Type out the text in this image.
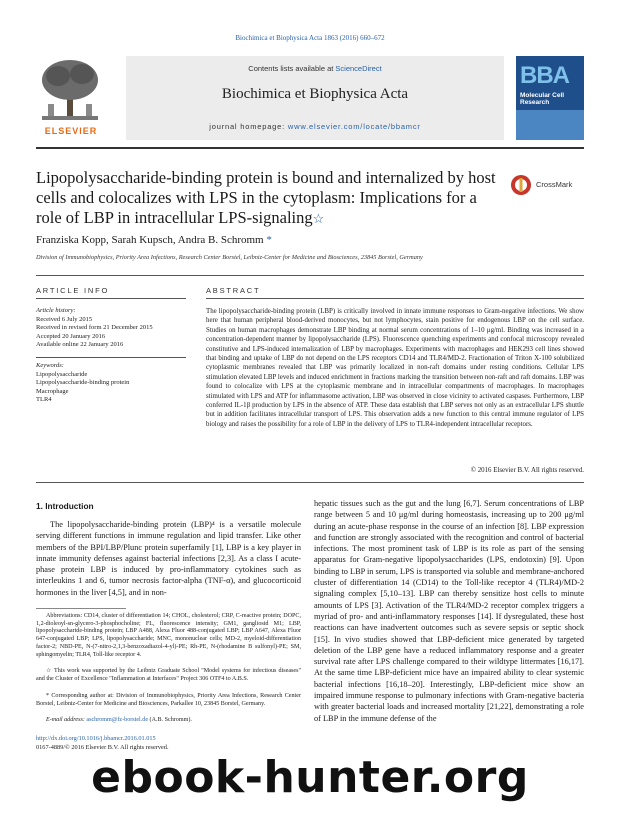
Biochimica et Biophysica Acta 1863 (2016) 660–672
ELSEVIER
Contents lists available at ScienceDirect
Biochimica et Biophysica Acta
journal homepage: www.elsevier.com/locate/bbamcr
BBA
Molecular Cell Research
Lipopolysaccharide-binding protein is bound and internalized by host cells and colocalizes with LPS in the cytoplasm: Implications for a role of LBP in intracellular LPS-signaling☆
CrossMark
Franziska Kopp, Sarah Kupsch, Andra B. Schromm *
Division of Immunobiophysics, Priority Area Infections, Research Center Borstel, Leibniz-Center for Medicine and Biosciences, 23845 Borstel, Germany
ARTICLE INFO	ABSTRACT
Article history:
Received 6 July 2015
Received in revised form 21 December 2015
Accepted 20 January 2016
Available online 22 January 2016
Keywords:
Lipopolysaccharide
Lipopolysaccharide-binding protein
Macrophage
TLR4
The lipopolysaccharide-binding protein (LBP) is critically involved in innate immune responses to Gram-negative infections. We show here that human peripheral blood-derived monocytes, but not lymphocytes, stain positive for endogenous LBP on the cell surface. Studies on human macrophages demonstrate LBP binding at normal serum concentrations of 1–10 μg/ml. Binding was increased in a concentration-dependent manner by lipopolysaccharide (LPS). Fluorescence quenching experiments and confocal microscopy revealed constitutive and LPS-induced internalization of LBP by macrophages. Experiments with macrophages and HEK293 cell lines showed that binding and uptake of LBP do not depend on the LPS receptors CD14 and TLR4/MD-2. Fractionation of Triton X-100 solubilized cytoplasmic membranes revealed that LBP was primarily localized in non-raft domains under resting conditions. Cellular LPS stimulation elevated LBP levels and induced enrichment in fractions marking the transition between non-raft and raft domains. LBP was found to colocalize with LPS at the cytoplasmic membrane and in intracellular compartments of macrophages. In macrophages stimulated with LPS and ATP for inflammasome activation, LBP was observed in close vicinity to activated caspases. Furthermore, LBP conferred IL-1β production by LPS in the absence of ATP. These data establish that LBP serves not only as an extracellular LPS shuttle but in addition facilitates intracellular transport of LPS. This observation adds a new function to this central immune regulator of LPS biology and raises the possibility for a role of LBP in the delivery of LPS to TLR4-independent intracellular receptors.
© 2016 Elsevier B.V. All rights reserved.
1. Introduction
The lipopolysaccharide-binding protein (LBP)⁴ is a versatile molecule serving different functions in immune regulation and lipid transfer. Like other members of the BPI/LBP/Plunc protein superfamily [1], LBP is a key player in innate immunity defenses against bacterial infections [2,3]. As a class I acute-phase protein LBP is induced by pro-inflammatory cytokines such as interleukins 1 and 6, tumor necrosis factor-alpha (TNF-α), and glucocorticoid hormones in the liver [4,5], and in non-
hepatic tissues such as the gut and the lung [6,7]. Serum concentrations of LBP range between 5 and 10 μg/ml during homeostasis, increasing up to 200 μg/ml during an acute-phase response in the course of an infection [8]. LBP expression and function are strongly associated with the recognition and control of bacterial infections. The most prominent task of LBP is its role as part of the sensing apparatus for Gram-negative lipopolysaccharides (LPS, endotoxin) [9]. Upon binding to LBP in serum, LPS is transported via soluble and membrane-anchored cluster of differentiation 14 (CD14) to the Toll-like receptor 4 (TLR4)/MD-2 signaling complex [5,10–13]. LBP can thereby sensitize host cells to minute amounts of LPS [3]. Activation of the TLR4/MD-2 receptor complex triggers a myriad of pro- and anti-inflammatory responses [14]. If dysregulated, these host reactions can have inadvertent outcomes such as severe sepsis or septic shock [15]. In vivo studies showed that LBP-deficient mice generated by targeted deletion of the LBP gene have a reduced inflammatory response and a greater survival rate after LPS challenge compared to their wildtype littermates [16,17]. At the same time LBP-deficient mice have an impaired ability to clear systemic bacterial infections [16,18–20]. Interestingly, LBP-deficient mice show an impaired immune response to pulmonary infections with Gram-negative bacteria with greater bacterial loads and increased mortality [21,22], demonstrating a role of LBP in the immune defense of the
Abbreviations: CD14, cluster of differentiation 14; CHOL, cholesterol; CRP, C-reactive protein; DOPC, 1,2-dioleoyl-sn-glycero-3-phosphocholine; FL, fluorescence intensity; GM1, gangliosid M1; LBP, lipopolysaccharide-binding protein; LBP A488, Alexa Fluor 488-conjugated LBP; LBP A647, Alexa Fluor 647-conjugated LBP; LPS, lipopolysaccharide; MNC, mononuclear cells; MD-2, myeloid-differentiation factor-2; NBD-PE, N-(7-nitro-2,1,3-benzoxadiazol-4-yl)-PE; Rh-PE, N-(rhodamine B sulfonyl)-PE; SM, sphingomyelin; TLR4, Toll-like receptor 4.
☆ This work was supported by the Leibniz Graduate School "Model systems for infectious diseases" and the Cluster of Excellence "Inflammation at Interfaces" Project 306 OTF4 to A.B.S.
* Corresponding author at: Division of Immunobiophysics, Priority Area Infections, Research Center Borstel, Leibniz-Center for Medicine and Biosciences, Parkallee 10, 23845 Borstel, Germany.
E-mail address: aschromm@fz-borstel.de (A.B. Schromm).
http://dx.doi.org/10.1016/j.bbamcr.2016.01.015
0167-4889/© 2016 Elsevier B.V. All rights reserved.
ebook-hunter.org
